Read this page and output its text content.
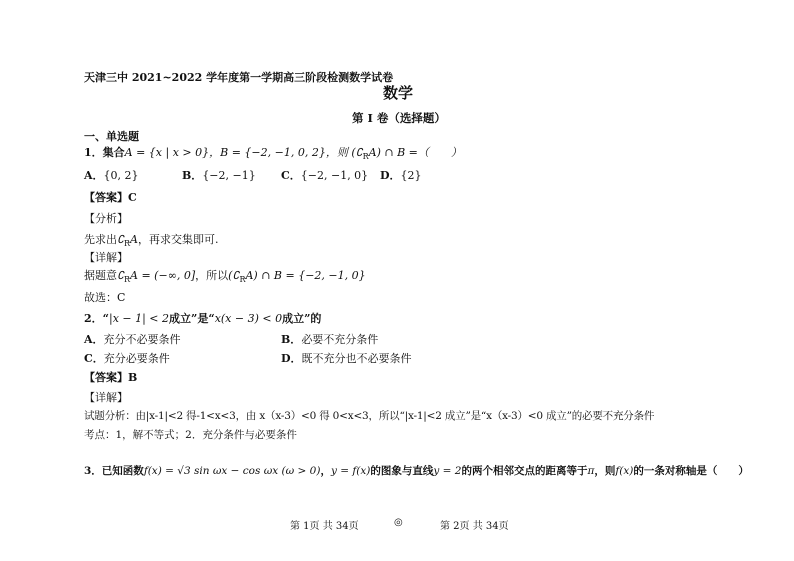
天津三中 2021~2022 学年度第一学期高三阶段检测数学试卷
数学
第 I 卷（选择题）
一、单选题
1．集合A = {x | x > 0}，B = {−2, −1, 0, 2}，则 $(∁_RA)$ ∩ B =（　　）
A．{0, 2}	B．{−2, −1} C．{−2, −1, 0} D．{2}
【答案】C
【分析】
先求出$∁_RA$，再求交集即可.
【详解】
据题意$∁_RA$ = (−∞, 0]，所以$(∁_RA)$ ∩ B = {−2, −1, 0}
故选：C
2．“|x − 1| < 2成立”是“x(x − 3) < 0成立”的
A．充分不必要条件	B．必要不充分条件
C．充分必要条件	D．既不充分也不必要条件
【答案】B
【详解】
试题分析：由|x-1|<2 得-1<x<3，由 x（x-3）<0 得 0<x<3，所以“|x-1|<2 成立”是“x（x-3）<0 成立”的必要不充分条件
考点：1，解不等式；2．充分条件与必要条件
3．已知函数f(x) = √3 sin ωx − cos ωx (ω > 0)，y = f(x)的图象与直线y = 2的两个相邻交点的距离等于π，则f(x)的一条对称轴是（　　）
第 1页 共 34页	◎	第 2页 共 34页
